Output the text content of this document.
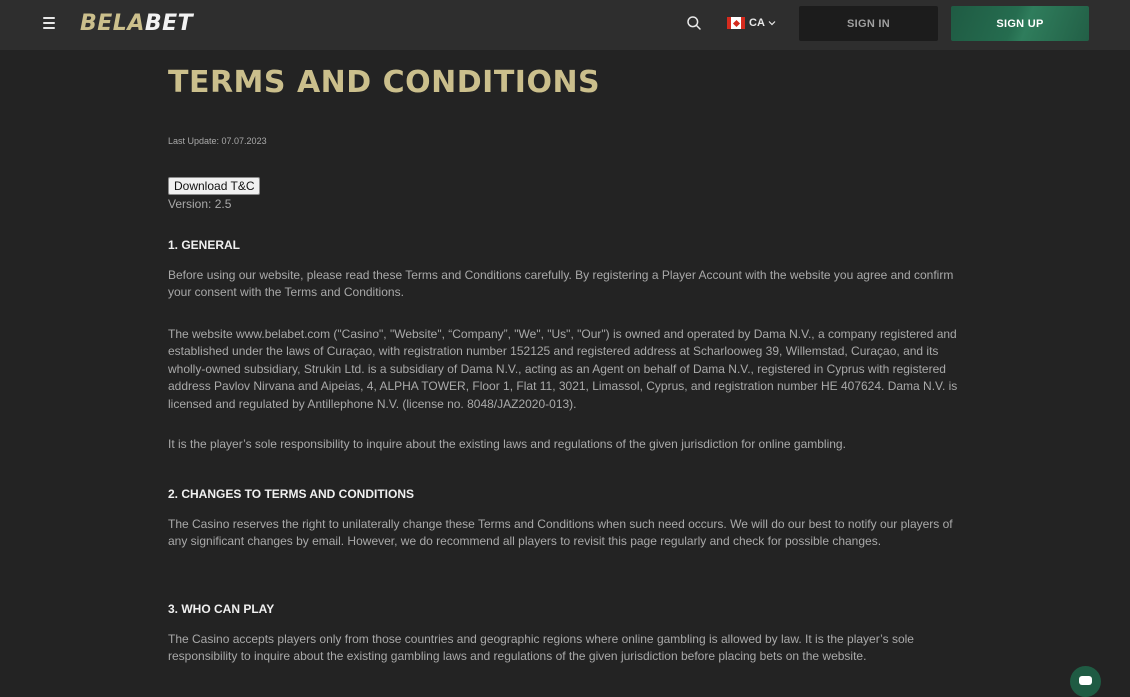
BELABET	CA	SIGN IN	SIGN UP
TERMS AND CONDITIONS
Last Update: 07.07.2023
Download T&C
Version: 2.5
1. GENERAL

Before using our website, please read these Terms and Conditions carefully. By registering a Player Account with the website you agree and confirm your consent with the Terms and Conditions.

The website www.belabet.com ("Casino", "Website", “Company”, "We", "Us", "Our") is owned and operated by Dama N.V., a company registered and established under the laws of Curaçao, with registration number 152125 and registered address at Scharlooweg 39, Willemstad, Curaçao, and its wholly-owned subsidiary, Strukin Ltd. is a subsidiary of Dama N.V., acting as an Agent on behalf of Dama N.V., registered in Cyprus with registered address Pavlov Nirvana and Aipeias, 4, ALPHA TOWER, Floor 1, Flat 11, 3021, Limassol, Cyprus, and registration number HE 407624. Dama N.V. is licensed and regulated by Antillephone N.V. (license no. 8048/JAZ2020-013).

It is the player’s sole responsibility to inquire about the existing laws and regulations of the given jurisdiction for online gambling.

2. CHANGES TO TERMS AND CONDITIONS

The Casino reserves the right to unilaterally change these Terms and Conditions when such need occurs. We will do our best to notify our players of any significant changes by email. However, we do recommend all players to revisit this page regularly and check for possible changes.

3. WHO CAN PLAY

The Casino accepts players only from those countries and geographic regions where online gambling is allowed by law. It is the player’s sole responsibility to inquire about the existing gambling laws and regulations of the given jurisdiction before placing bets on the website.
